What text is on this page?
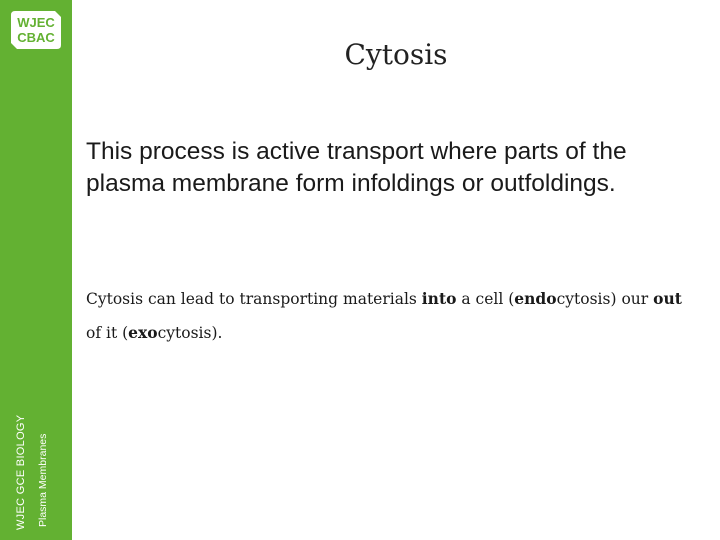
WJEC
CBAC
WJEC GCE BIOLOGY Plasma Membranes
Cytosis
This process is active transport where parts of the plasma membrane form infoldings or outfoldings.
Cytosis can lead to transporting materials into a cell (endocytosis) our out of it (exocytosis).
